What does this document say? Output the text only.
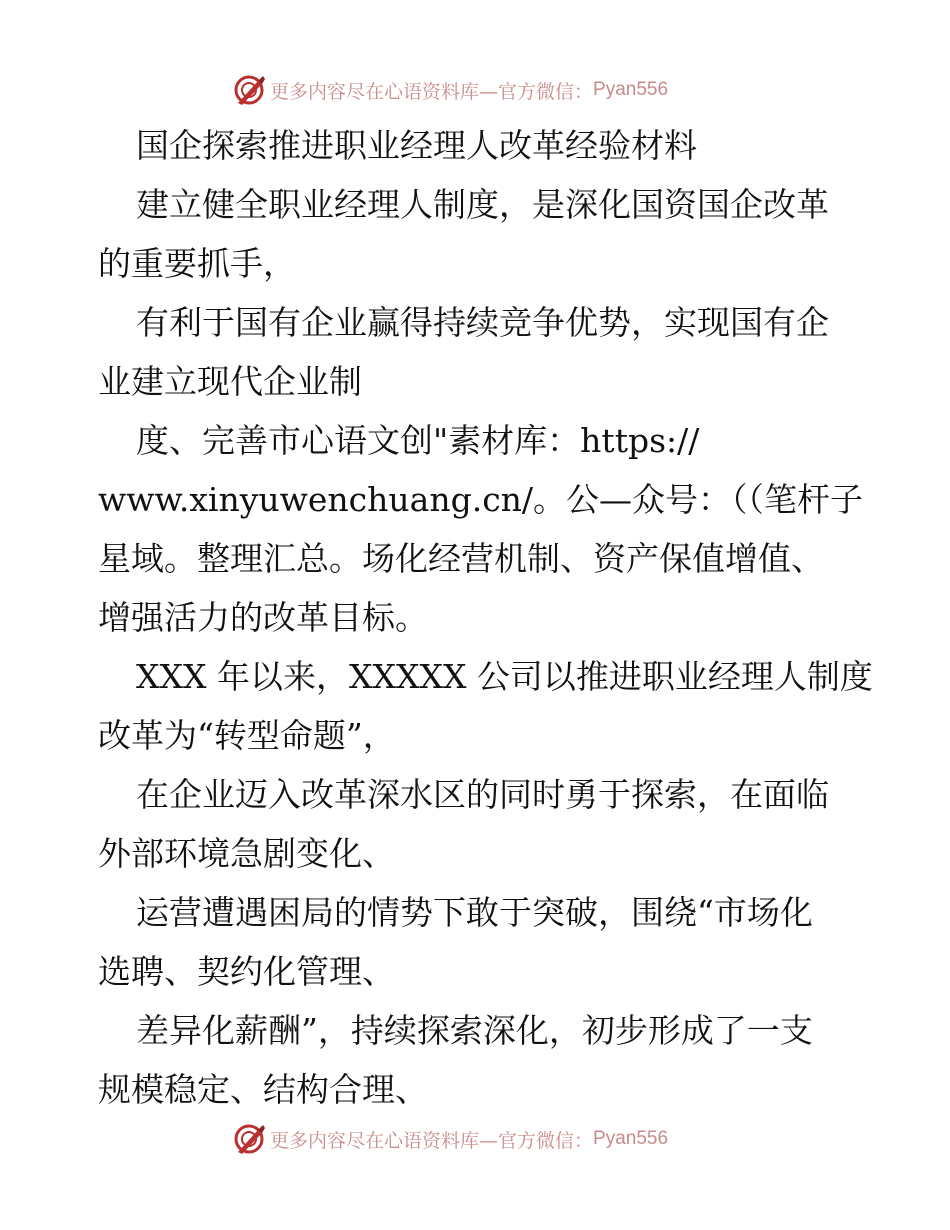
更多内容尽在心语资料库—官方微信： Pyan556
国企探索推进职业经理人改革经验材料
建立健全职业经理人制度，是深化国资国企改革
的重要抓手，
有利于国有企业赢得持续竞争优势，实现国有企
业建立现代企业制
度、完善市心语文创"素材库：https://
www.xinyuwenchuang.cn/。公—众号：（（笔杆子
星域。整理汇总。场化经营机制、资产保值增值、
增强活力的改革目标。
XXX 年以来，XXXXX 公司以推进职业经理人制度
改革为“转型命题”，
在企业迈入改革深水区的同时勇于探索，在面临
外部环境急剧变化、
运营遭遇困局的情势下敢于突破，围绕“市场化
选聘、契约化管理、
差异化薪酬”，持续探索深化，初步形成了一支
规模稳定、结构合理、
更多内容尽在心语资料库—官方微信： Pyan556
